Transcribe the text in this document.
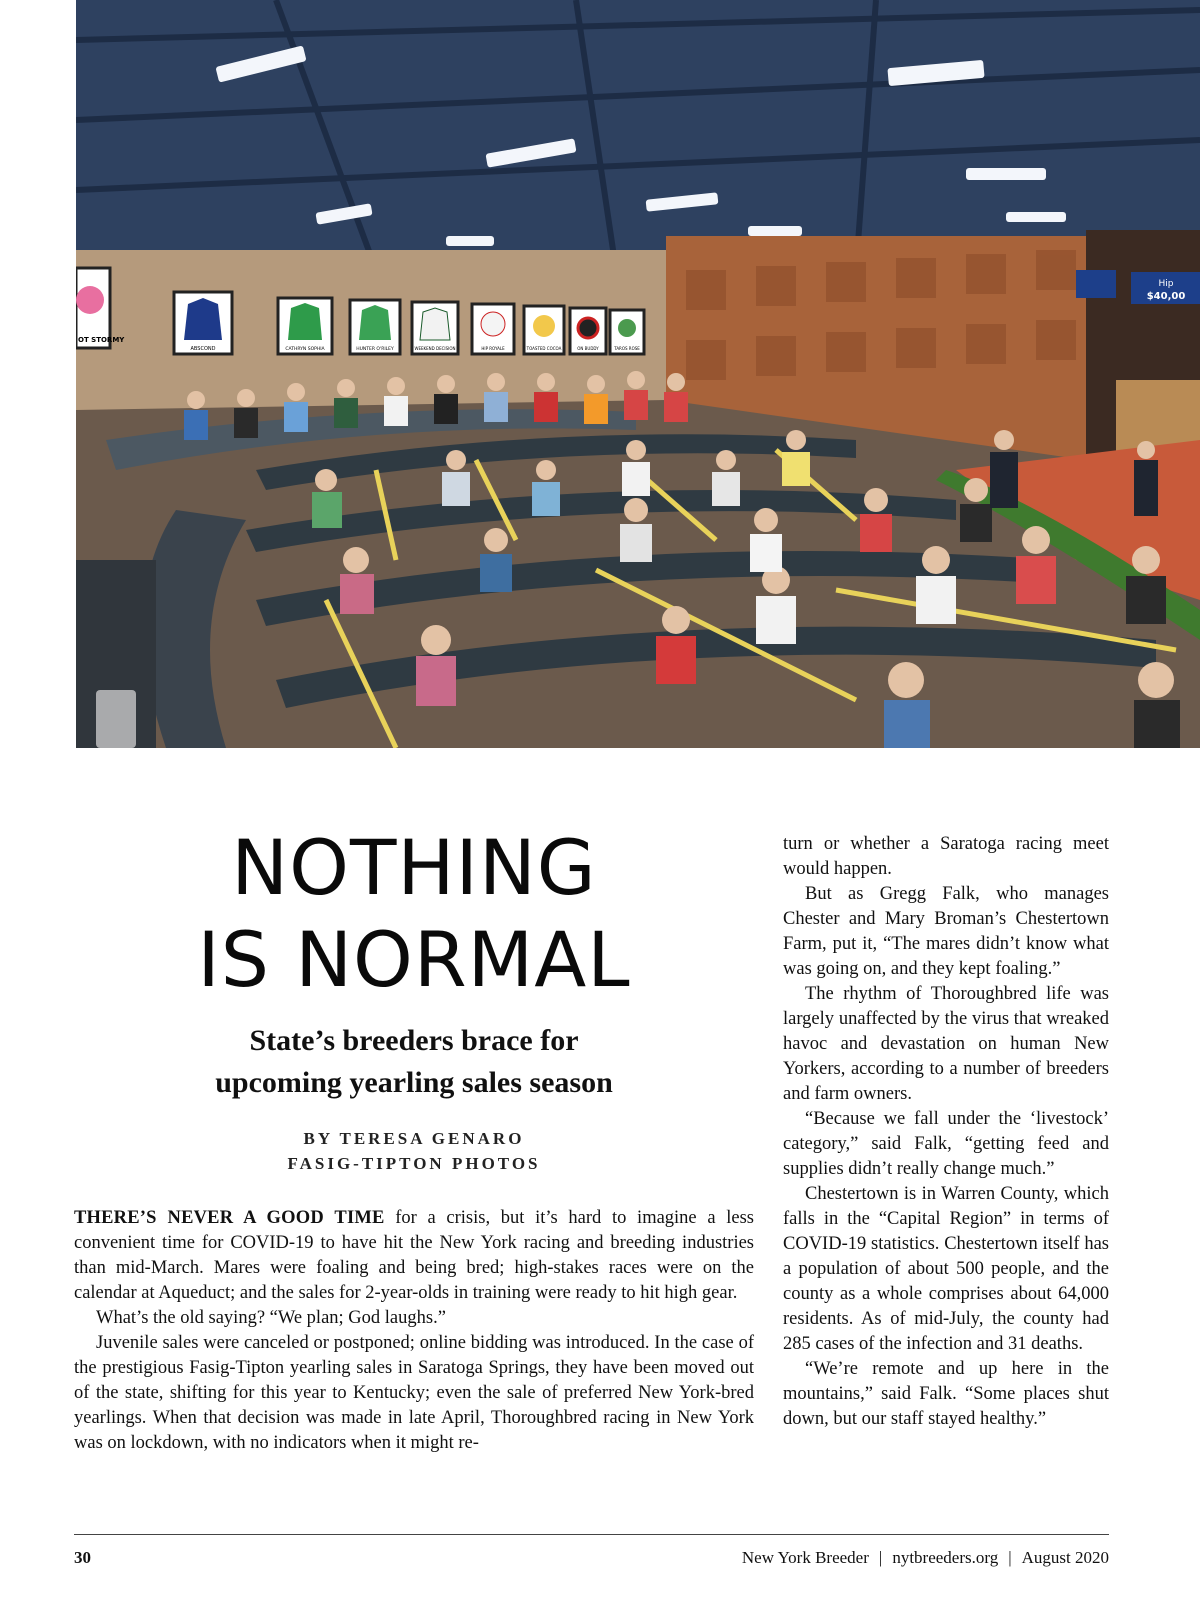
Hip
$40,00
OT STORMY
ABSCOND	CATHRYN SOPHIA	HUNTER O'RILEY	WEEKEND DECISION	HIP ROYALE	TOASTED COCOA	ON BUDDY	TAROS ROSE
NOTHING
IS NORMAL
State’s breeders brace for
upcoming yearling sales season
BY TERESA GENARO
FASIG-TIPTON PHOTOS

THERE’S NEVER A GOOD TIME for a crisis, but it’s hard to imagine a less convenient time for COVID-19 to have hit the New York racing and breeding industries than mid-March. Mares were foaling and being bred; high-stakes races were on the calendar at Aqueduct; and the sales for 2-year-olds in training were ready to hit high gear.

What’s the old saying? “We plan; God laughs.”

Juvenile sales were canceled or postponed; online bidding was introduced. In the case of the prestigious Fasig-Tipton yearling sales in Saratoga Springs, they have been moved out of the state, shifting for this year to Kentucky; even the sale of preferred New York-bred yearlings. When that decision was made in late April, Thoroughbred racing in New York was on lockdown, with no indicators when it might re-

turn or whether a Saratoga racing meet would happen.

But as Gregg Falk, who manages Chester and Mary Broman’s Chestertown Farm, put it, “The mares didn’t know what was going on, and they kept foaling.”

The rhythm of Thoroughbred life was largely unaffected by the virus that wreaked havoc and devastation on human New Yorkers, according to a number of breeders and farm owners.

“Because we fall under the ‘livestock’ category,” said Falk, “getting feed and supplies didn’t really change much.”

Chestertown is in Warren County, which falls in the “Capital Region” in terms of COVID-19 statistics. Chestertown itself has a population of about 500 people, and the county as a whole comprises about 64,000 residents. As of mid-July, the county had 285 cases of the infection and 31 deaths.

“We’re remote and up here in the mountains,” said Falk. “Some places shut down, but our staff stayed healthy.”

30	New York Breeder | nytbreeders.org | August 2020
